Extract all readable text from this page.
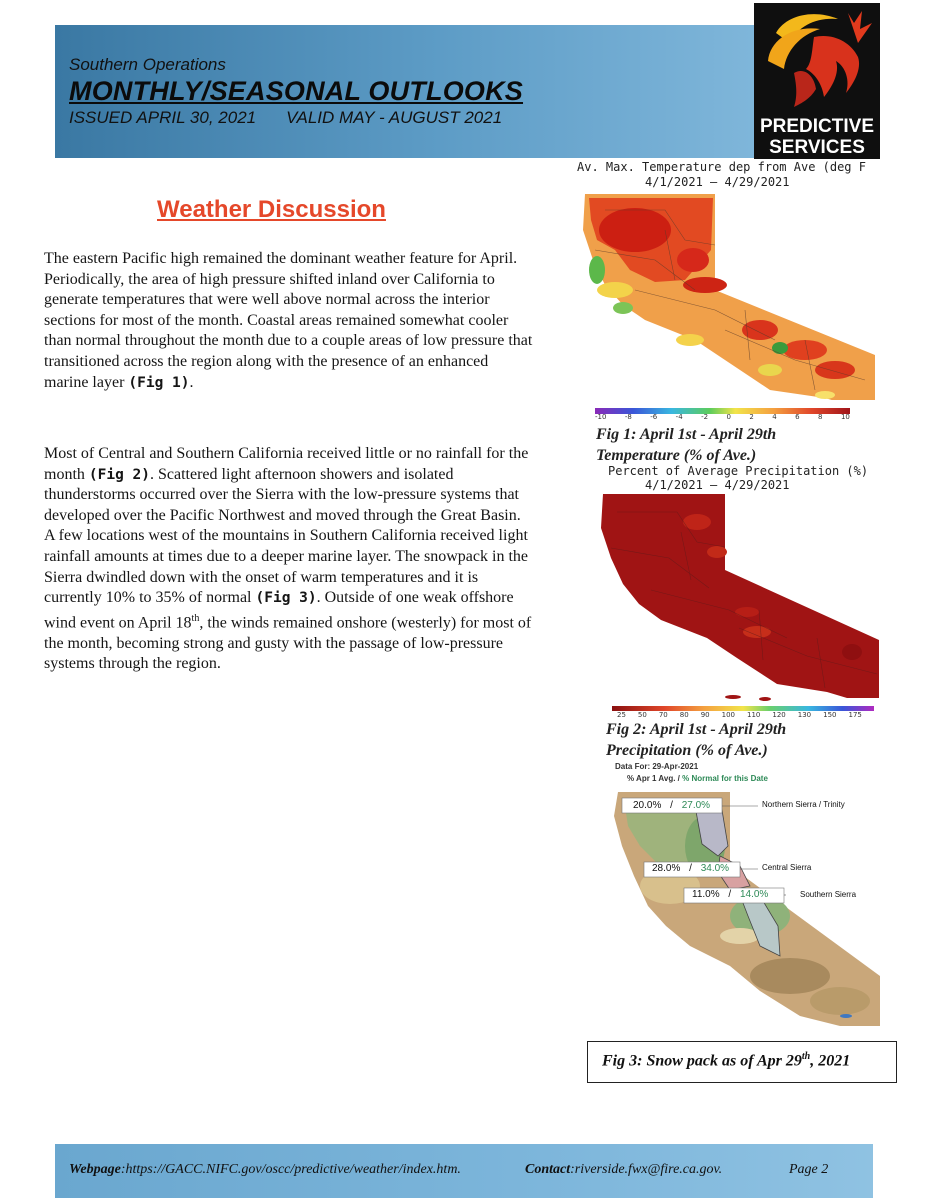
Southern Operations
MONTHLY/SEASONAL OUTLOOKS
ISSUED APRIL 30, 2021 VALID MAY - AUGUST 2021	PREDICTIVE
SERVICES
Weather Discussion
The eastern Pacific high remained the dominant weather feature for April. Periodically, the area of high pressure shifted inland over California to generate temperatures that were well above normal across the interior sections for most of the month. Coastal areas remained somewhat cooler than normal throughout the month due to a couple areas of low pressure that transitioned across the region along with the presence of an enhanced marine layer (Fig 1).
Most of Central and Southern California received little or no rainfall for the month (Fig 2). Scattered light afternoon showers and isolated thunderstorms occurred over the Sierra with the low-pressure systems that developed over the Pacific Northwest and moved through the Great Basin. A few locations west of the mountains in Southern California received light rainfall amounts at times due to a deeper marine layer. The snowpack in the Sierra dwindled down with the onset of warm temperatures and it is currently 10% to 35% of normal (Fig 3). Outside of one weak offshore wind event on April 18th, the winds remained onshore (westerly) for most of the month, becoming strong and gusty with the passage of low-pressure systems through the region.
Av. Max. Temperature dep from Ave (deg F
4/1/2021 — 4/29/2021
-10	-8	-6	-4	-2	0	2	4	6	8	10
Fig 1: April 1st - April 29th
Temperature (% of Ave.)
Percent of Average Precipitation (%)
4/1/2021 — 4/29/2021
25 50 70 80 90 100 110 120 130 150 175
Fig 2: April 1st - April 29th
Precipitation (% of Ave.)
Data For: 29-Apr-2021
% Apr 1 Avg. / % Normal for this Date
20.0% / 27.0%	Northern Sierra / Trinity
28.0% / 34.0%	Central Sierra
11.0% / 14.0%	Southern Sierra
Fig 3: Snow pack as of Apr 29th, 2021
Webpage:https://GACC.NIFC.gov/oscc/predictive/weather/index.htm.	Contact:riverside.fwx@fire.ca.gov.	Page 2
